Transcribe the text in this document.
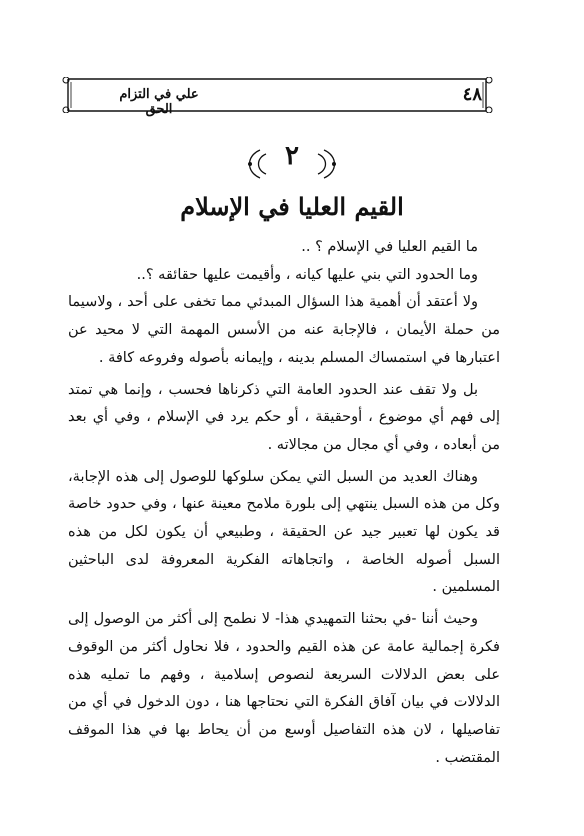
علي في التزام الحق
٤٨
٢
القيم العليا في الإسلام

ما القيم العليا في الإسلام ؟ ..

وما الحدود التي بني عليها كيانه ، وأقيمت عليها حقائقه ؟..

ولا أعتقد أن أهمية هذا السؤال المبدئي مما تخفى على أحد ، ولاسيما من حملة الأيمان ، فالإجابة عنه من الأسس المهمة التي لا محيد عن اعتبارها في استمساك المسلم بدينه ، وإيمانه بأصوله وفروعه كافة .

بل ولا تقف عند الحدود العامة التي ذكرناها فحسب ، وإنما هي تمتد إلى فهم أي موضوع ، أوحقيقة ، أو حكم يرد في الإسلام ، وفي أي بعد من أبعاده ، وفي أي مجال من مجالاته .

وهناك العديد من السبل التي يمكن سلوكها للوصول إلى هذه الإجابة، وكل من هذه السبل ينتهي إلى بلورة ملامح معينة عنها ، وفي حدود خاصة قد يكون لها تعبير جيد عن الحقيقة ، وطبيعي أن يكون لكل من هذه السبل أصوله الخاصة ، واتجاهاته الفكرية المعروفة لدى الباحثين المسلمين .

وحيث أننا -في بحثنا التمهيدي هذا- لا نطمح إلى أكثر من الوصول إلى فكرة إجمالية عامة عن هذه القيم والحدود ، فلا نحاول أكثر من الوقوف على بعض الدلالات السريعة لنصوص إسلامية ، وفهم ما تمليه هذه الدلالات في بيان آفاق الفكرة التي نحتاجها هنا ، دون الدخول في أي من تفاصيلها ، لان هذه التفاصيل أوسع من أن يحاط بها في هذا الموقف المقتضب .
